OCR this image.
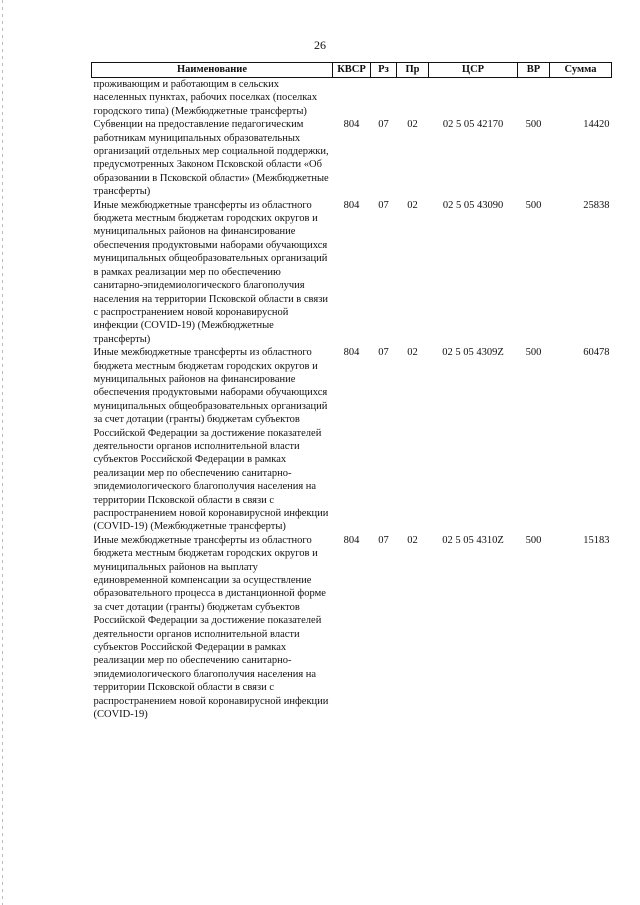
26
Наименование	КВСР	Рз	Пр	ЦСР	ВР	Сумма
проживающим и работающим в сельских населенных пунктах, рабочих поселках (поселках городского типа) (Межбюджетные трансферты)						
Субвенции на предоставление педагогическим работникам муниципальных образовательных организаций отдельных мер социальной поддержки, предусмотренных Законом Псковской области «Об образовании в Псковской области» (Межбюджетные трансферты)	804	07	02	02 5 05 42170	500	14420
Иные межбюджетные трансферты из областного бюджета местным бюджетам городских округов и муниципальных районов на финансирование обеспечения продуктовыми наборами обучающихся муниципальных общеобразовательных организаций в рамках реализации мер по обеспечению санитарно-эпидемиологического благополучия населения на территории Псковской области в связи с распространением новой коронавирусной инфекции (COVID-19) (Межбюджетные трансферты)	804	07	02	02 5 05 43090	500	25838
Иные межбюджетные трансферты из областного бюджета местным бюджетам городских округов и муниципальных районов на финансирование обеспечения продуктовыми наборами обучающихся муниципальных общеобразовательных организаций за счет дотации (гранты) бюджетам субъектов Российской Федерации за достижение показателей деятельности органов исполнительной власти субъектов Российской Федерации в рамках реализации мер по обеспечению санитарно-эпидемиологического благополучия населения на территории Псковской области в связи с распространением новой коронавирусной инфекции (COVID-19) (Межбюджетные трансферты)	804	07	02	02 5 05 4309Z	500	60478
Иные межбюджетные трансферты из областного бюджета местным бюджетам городских округов и муниципальных районов на выплату единовременной компенсации за осуществление образовательного процесса в дистанционной форме за счет дотации (гранты) бюджетам субъектов Российской Федерации за достижение показателей деятельности органов исполнительной власти субъектов Российской Федерации в рамках реализации мер по обеспечению санитарно-эпидемиологического благополучия населения на территории Псковской области в связи с распространением новой коронавирусной инфекции (COVID-19)	804	07	02	02 5 05 4310Z	500	15183
